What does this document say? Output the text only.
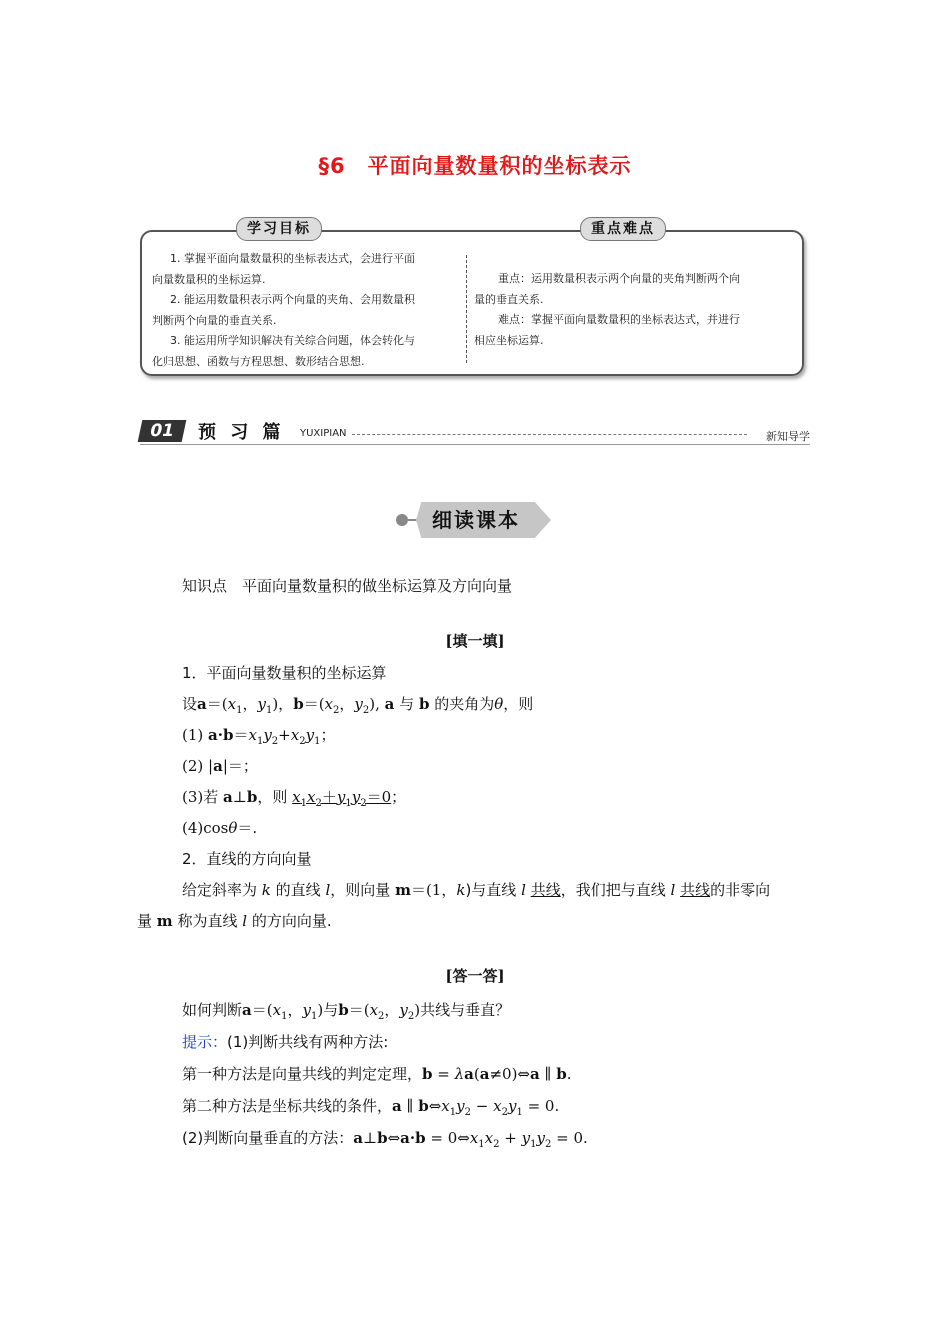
§6　平面向量数量积的坐标表示
学习目标	重点难点

1. 掌握平面向量数量积的坐标表达式，会进行平面

向量数量积的坐标运算.

2. 能运用数量积表示两个向量的夹角、会用数量积

判断两个向量的垂直关系.

3. 能运用所学知识解决有关综合问题，体会转化与

化归思想、函数与方程思想、数形结合思想.

重点：运用数量积表示两个向量的夹角判断两个向

量的垂直关系.

难点：掌握平面向量数量积的坐标表达式，并进行

相应坐标运算.

01	预 习 篇 YUXIPIAN	新知导学
细读课本
知识点　平面向量数量积的做坐标运算及方向向量
[填一填]
1．平面向量数量积的坐标运算
设$a=(x_1$，$y_1$)，$b=(x_2$，$y_2$), a 与 b 的夹角为θ，则
(1) $a\cdot b=x_1y_2+x_2y_1$；
(2) |a|＝；
(3)若 a⊥b，则 $x_1x_2+y_1y_2=0$；
(4)cosθ＝.
2．直线的方向向量
给定斜率为 k 的直线 l，则向量 m＝(1，k)与直线 l 共线，我们把与直线 l 共线的非零向
量 m 称为直线 l 的方向向量.
[答一答]
如何判断$a=(x_1$，$y_1$)与$b=(x_2$，$y_2$)共线与垂直？
提示：(1)判断共线有两种方法:
第一种方法是向量共线的判定定理，b = λa(a≠0)⇔a ∥ b.
第二种方法是坐标共线的条件，a ∥ $b\Leftrightarrow x_1y_2 - x_2y_1 = 0$.
(2)判断向量垂直的方法：a⊥b⇔a·b = $0\Leftrightarrow x_1x_2 + y_1y_2 = 0$.
